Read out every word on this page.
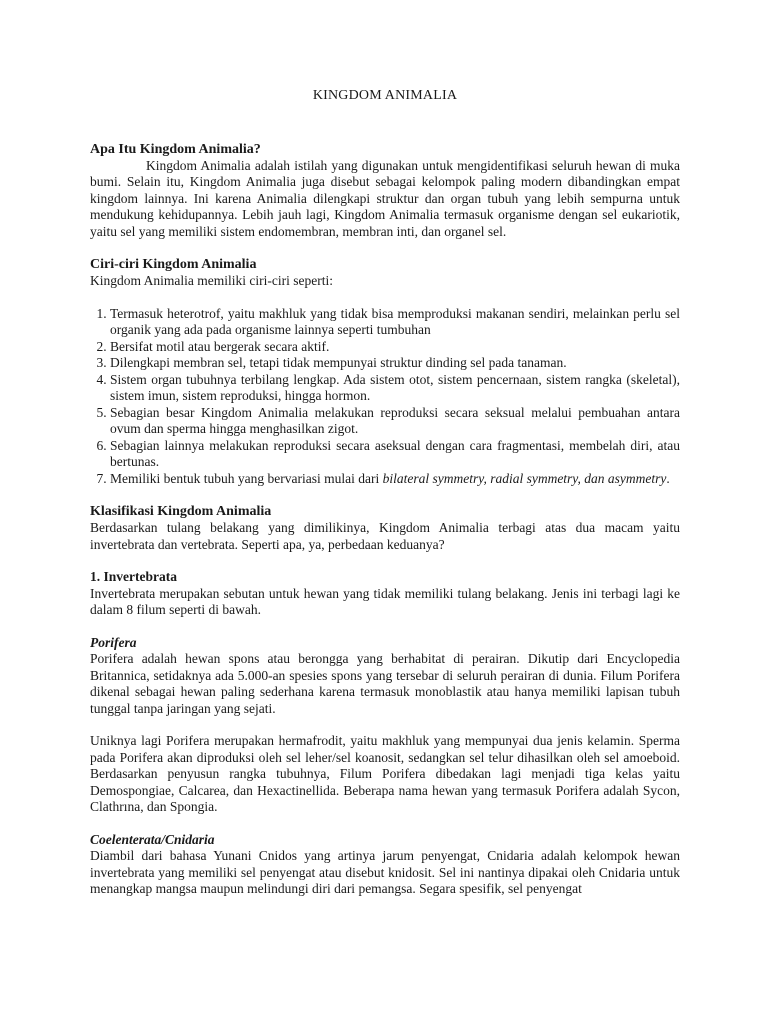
KINGDOM ANIMALIA
Apa Itu Kingdom Animalia?

Kingdom Animalia adalah istilah yang digunakan untuk mengidentifikasi seluruh hewan di muka bumi. Selain itu, Kingdom Animalia juga disebut sebagai kelompok paling modern dibandingkan empat kingdom lainnya. Ini karena Animalia dilengkapi struktur dan organ tubuh yang lebih sempurna untuk mendukung kehidupannya. Lebih jauh lagi, Kingdom Animalia termasuk organisme dengan sel eukariotik, yaitu sel yang memiliki sistem endomembran, membran inti, dan organel sel.

Ciri-ciri Kingdom Animalia

Kingdom Animalia memiliki ciri-ciri seperti:

1. Termasuk heterotrof, yaitu makhluk yang tidak bisa memproduksi makanan sendiri, melainkan perlu sel organik yang ada pada organisme lainnya seperti tumbuhan
2. Bersifat motil atau bergerak secara aktif.
3. Dilengkapi membran sel, tetapi tidak mempunyai struktur dinding sel pada tanaman.
4. Sistem organ tubuhnya terbilang lengkap. Ada sistem otot, sistem pencernaan, sistem rangka (skeletal), sistem imun, sistem reproduksi, hingga hormon.
5. Sebagian besar Kingdom Animalia melakukan reproduksi secara seksual melalui pembuahan antara ovum dan sperma hingga menghasilkan zigot.
6. Sebagian lainnya melakukan reproduksi secara aseksual dengan cara fragmentasi, membelah diri, atau bertunas.
7. Memiliki bentuk tubuh yang bervariasi mulai dari bilateral symmetry, radial symmetry, dan asymmetry.
Klasifikasi Kingdom Animalia

Berdasarkan tulang belakang yang dimilikinya, Kingdom Animalia terbagi atas dua macam yaitu invertebrata dan vertebrata. Seperti apa, ya, perbedaan keduanya?

1. Invertebrata

Invertebrata merupakan sebutan untuk hewan yang tidak memiliki tulang belakang. Jenis ini terbagi lagi ke dalam 8 filum seperti di bawah.

Porifera

Porifera adalah hewan spons atau berongga yang berhabitat di perairan. Dikutip dari Encyclopedia Britannica, setidaknya ada 5.000-an spesies spons yang tersebar di seluruh perairan di dunia. Filum Porifera dikenal sebagai hewan paling sederhana karena termasuk monoblastik atau hanya memiliki lapisan tubuh tunggal tanpa jaringan yang sejati.

Uniknya lagi Porifera merupakan hermafrodit, yaitu makhluk yang mempunyai dua jenis kelamin. Sperma pada Porifera akan diproduksi oleh sel leher/sel koanosit, sedangkan sel telur dihasilkan oleh sel amoeboid. Berdasarkan penyusun rangka tubuhnya, Filum Porifera dibedakan lagi menjadi tiga kelas yaitu Demospongiae, Calcarea, dan Hexactinellida. Beberapa nama hewan yang termasuk Porifera adalah Sycon, Clathrına, dan Spongia.

Coelenterata/Cnidaria

Diambil dari bahasa Yunani Cnidos yang artinya jarum penyengat, Cnidaria adalah kelompok hewan invertebrata yang memiliki sel penyengat atau disebut knidosit. Sel ini nantinya dipakai oleh Cnidaria untuk menangkap mangsa maupun melindungi diri dari pemangsa. Segara spesifik, sel penyengat
